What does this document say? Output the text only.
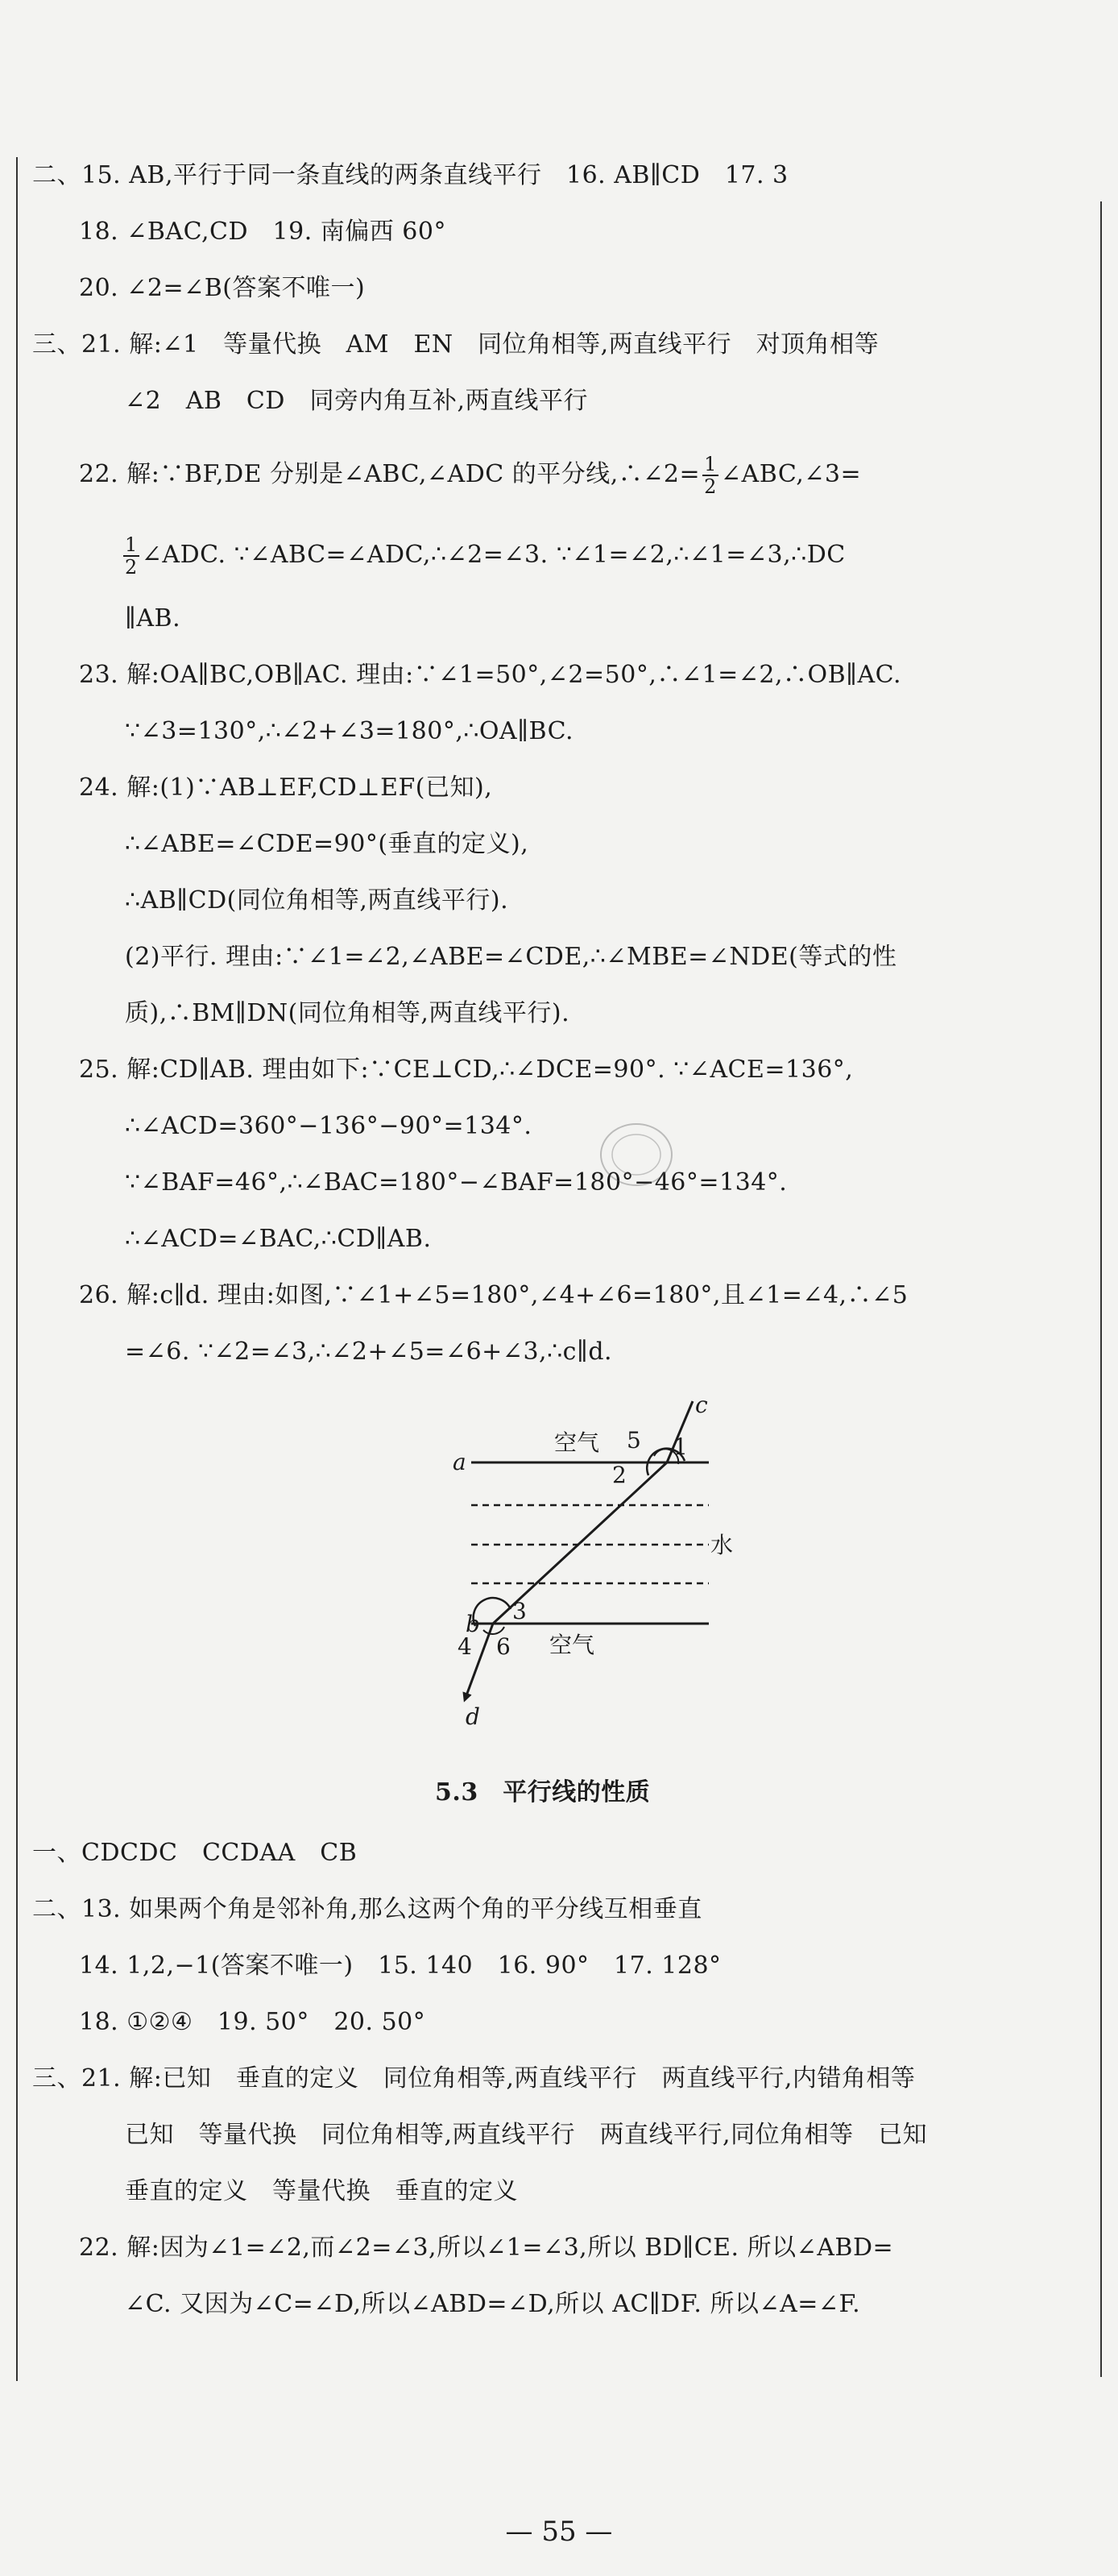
二、15. AB,平行于同一条直线的两条直线平行　16. AB∥CD　17. 3
18. ∠BAC,CD　19. 南偏西 60°
20. ∠2=∠B(答案不唯一)
三、21. 解:∠1　等量代换　AM　EN　同位角相等,两直线平行　对顶角相等
∠2　AB　CD　同旁内角互补,两直线平行
22. 解:∵BF,DE 分别是∠ABC,∠ADC 的平分线,∴∠2= $\frac{1}{2}$ ∠ABC,∠3=
$\frac{1}{2}$ ∠ADC. ∵∠ABC=∠ADC,∴∠2=∠3. ∵∠1=∠2,∴∠1=∠3,∴DC
∥AB.
23. 解:OA∥BC,OB∥AC. 理由:∵∠1=50°,∠2=50°,∴∠1=∠2,∴OB∥AC.
∵∠3=130°,∴∠2+∠3=180°,∴OA∥BC.
24. 解:(1)∵AB⊥EF,CD⊥EF(已知),
∴∠ABE=∠CDE=90°(垂直的定义),
∴AB∥CD(同位角相等,两直线平行).
(2)平行. 理由:∵∠1=∠2,∠ABE=∠CDE,∴∠MBE=∠NDE(等式的性
质),∴BM∥DN(同位角相等,两直线平行).
25. 解:CD∥AB. 理由如下:∵CE⊥CD,∴∠DCE=90°. ∵∠ACE=136°,
∴∠ACD=360°−136°−90°=134°.
∵∠BAF=46°,∴∠BAC=180°−∠BAF=180°−46°=134°.
∴∠ACD=∠BAC,∴CD∥AB.
26. 解:c∥d. 理由:如图,∵∠1+∠5=180°,∠4+∠6=180°,且∠1=∠4,∴∠5
=∠6. ∵∠2=∠3,∴∠2+∠5=∠6+∠3,∴c∥d.
c
a
b
d
空气
空气
水
5 1
2
3
4 6
5.3　平行线的性质
一、CDCDC　CCDAA　CB
二、13. 如果两个角是邻补角,那么这两个角的平分线互相垂直
14. 1,2,−1(答案不唯一)　15. 140　16. 90°　17. 128°
18. ①②④　19. 50°　20. 50°
三、21. 解:已知　垂直的定义　同位角相等,两直线平行　两直线平行,内错角相等
已知　等量代换　同位角相等,两直线平行　两直线平行,同位角相等　已知
垂直的定义　等量代换　垂直的定义
22. 解:因为∠1=∠2,而∠2=∠3,所以∠1=∠3,所以 BD∥CE. 所以∠ABD=
∠C. 又因为∠C=∠D,所以∠ABD=∠D,所以 AC∥DF. 所以∠A=∠F.
— 55 —
